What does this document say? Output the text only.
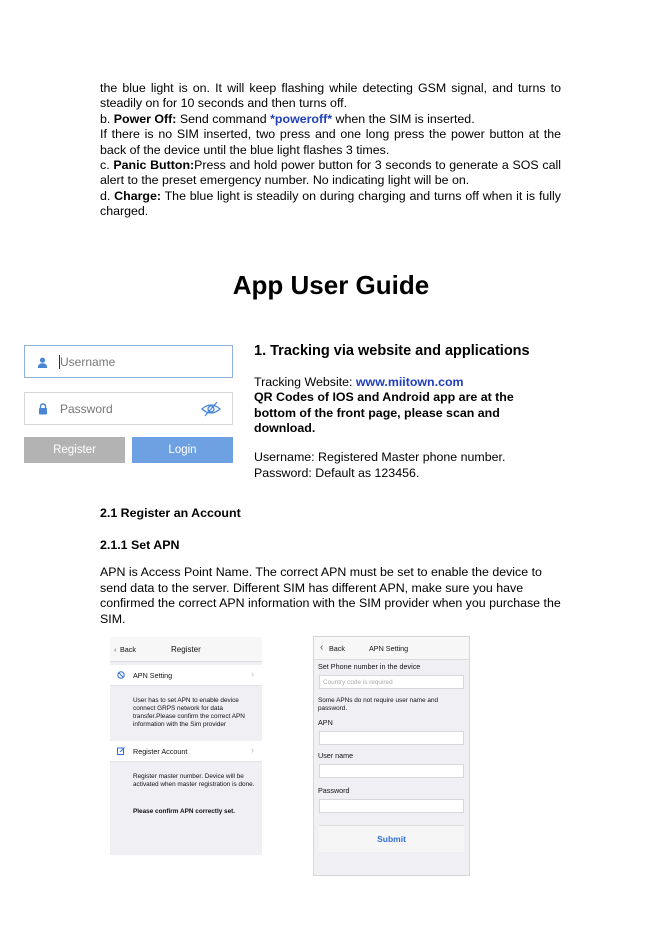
the blue light is on. It will keep flashing while detecting GSM signal, and turns to steadily on for 10 seconds and then turns off.

b. Power Off: Send command *poweroff* when the SIM is inserted.

If there is no SIM inserted, two press and one long press the power button at the back of the device until the blue light flashes 3 times.

c. Panic Button:Press and hold power button for 3 seconds to generate a SOS call alert to the preset emergency number. No indicating light will be on.

d. Charge: The blue light is steadily on during charging and turns off when it is fully charged.

App User Guide
Username
Password
Register	Login
1. Tracking via website and applications
Tracking Website: www.miitown.com
QR Codes of IOS and Android app are at the bottom of the front page, please scan and download.
Username: Registered Master phone number.
Password: Default as 123456.
2.1 Register an Account
2.1.1 Set APN
APN is Access Point Name. The correct APN must be set to enable the device to send data to the server. Different SIM has different APN, make sure you have confirmed the correct APN information with the SIM provider when you purchase the SIM.
‹ Back	Register
APN Setting	›
User has to set APN to enable device connect GRPS network for data transfer.Please confirm the correct APN information with the Sim provider
Register Account	›
Register master number. Device will be activated when master registration is done.
Please confirm APN correctly set.
‹ Back	APN Setting
Set Phone number in the device
Country code is required
Some APNs do not require user name and password.
APN
User name
Password
Submit
